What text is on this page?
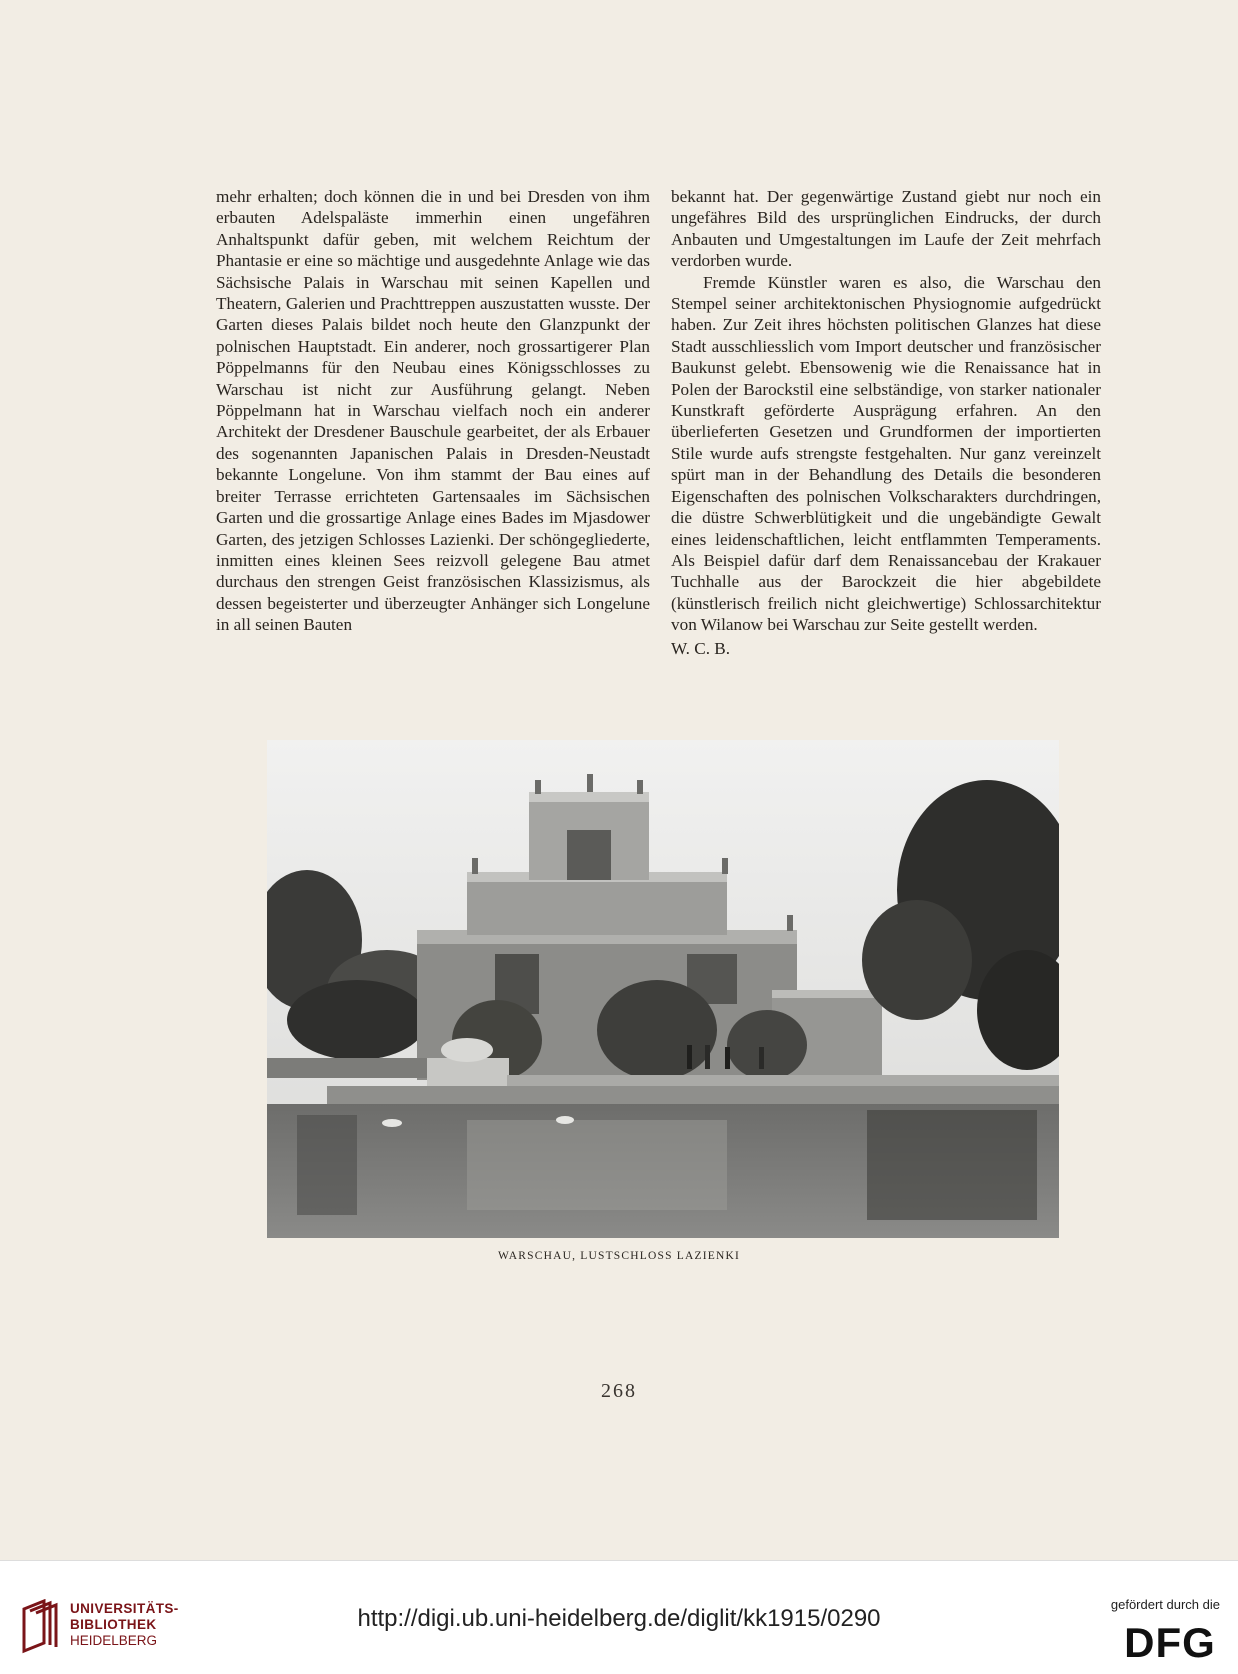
mehr erhalten; doch können die in und bei Dresden von ihm erbauten Adelspaläste immerhin einen ungefähren Anhaltspunkt dafür geben, mit welchem Reichtum der Phantasie er eine so mächtige und ausgedehnte Anlage wie das Sächsische Palais in Warschau mit seinen Kapellen und Theatern, Galerien und Prachttreppen auszustatten wusste. Der Garten dieses Palais bildet noch heute den Glanzpunkt der polnischen Hauptstadt. Ein anderer, noch grossartigerer Plan Pöppelmanns für den Neubau eines Königsschlosses zu Warschau ist nicht zur Ausführung gelangt. Neben Pöppelmann hat in Warschau vielfach noch ein anderer Architekt der Dresdener Bauschule gearbeitet, der als Erbauer des sogenannten Japanischen Palais in Dresden-Neustadt bekannte Longelune. Von ihm stammt der Bau eines auf breiter Terrasse errichteten Gartensaales im Sächsischen Garten und die grossartige Anlage eines Bades im Mjasdower Garten, des jetzigen Schlosses Lazienki. Der schöngegliederte, inmitten eines kleinen Sees reizvoll gelegene Bau atmet durchaus den strengen Geist französischen Klassizismus, als dessen begeisterter und überzeugter Anhänger sich Longelune in all seinen Bauten

bekannt hat. Der gegenwärtige Zustand giebt nur noch ein ungefähres Bild des ursprünglichen Eindrucks, der durch Anbauten und Umgestaltungen im Laufe der Zeit mehrfach verdorben wurde.

Fremde Künstler waren es also, die Warschau den Stempel seiner architektonischen Physiognomie aufgedrückt haben. Zur Zeit ihres höchsten politischen Glanzes hat diese Stadt ausschliesslich vom Import deutscher und französischer Baukunst gelebt. Ebensowenig wie die Renaissance hat in Polen der Barockstil eine selbständige, von starker nationaler Kunstkraft geförderte Ausprägung erfahren. An den überlieferten Gesetzen und Grundformen der importierten Stile wurde aufs strengste festgehalten. Nur ganz vereinzelt spürt man in der Behandlung des Details die besonderen Eigenschaften des polnischen Volkscharakters durchdringen, die düstre Schwerblütigkeit und die ungebändigte Gewalt eines leidenschaftlichen, leicht entflammten Temperaments. Als Beispiel dafür darf dem Renaissancebau der Krakauer Tuchhalle aus der Barockzeit die hier abgebildete (künstlerisch freilich nicht gleichwertige) Schlossarchitektur von Wilanow bei Warschau zur Seite gestellt werden.

W. C. B.

WARSCHAU, LUSTSCHLOSS LAZIENKI
268
UNIVERSITÄTS-
BIBLIOTHEK
HEIDELBERG
http://digi.ub.uni-heidelberg.de/diglit/kk1915/0290
gefördert durch die
DFG
